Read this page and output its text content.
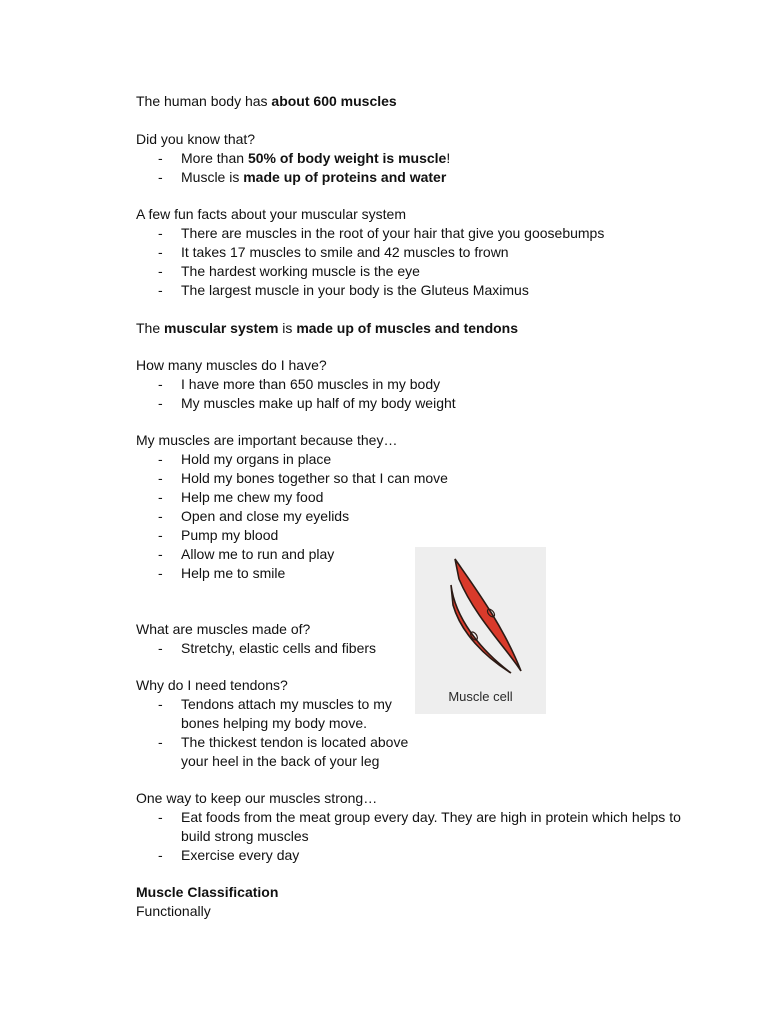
The human body has about 600 muscles
Did you know that?
- More than 50% of body weight is muscle!
- Muscle is made up of proteins and water
A few fun facts about your muscular system
- There are muscles in the root of your hair that give you goosebumps
- It takes 17 muscles to smile and 42 muscles to frown
- The hardest working muscle is the eye
- The largest muscle in your body is the Gluteus Maximus
The muscular system is made up of muscles and tendons
How many muscles do I have?
- I have more than 650 muscles in my body
- My muscles make up half of my body weight
My muscles are important because they…
- Hold my organs in place
- Hold my bones together so that I can move
- Help me chew my food
- Open and close my eyelids
- Pump my blood
- Allow me to run and play
- Help me to smile
What are muscles made of?
- Stretchy, elastic cells and fibers
Why do I need tendons?
- Tendons attach my muscles to my
bones helping my body move.
- The thickest tendon is located above
your heel in the back of your leg
One way to keep our muscles strong…
- Eat foods from the meat group every day. They are high in protein which helps to
build strong muscles
- Exercise every day
Muscle Classification
Functionally
Muscle cell
